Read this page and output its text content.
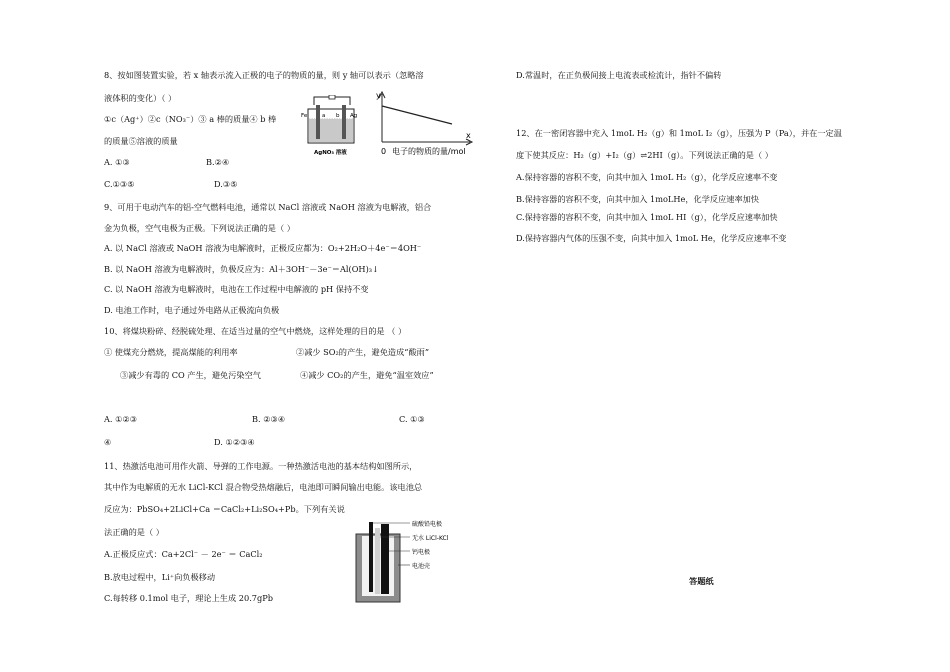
8、按如图装置实验，若 x 轴表示流入正极的电子的物质的量，则 y 轴可以表示（忽略溶
液体积的变化）（ ）
①c（Ag⁺）②c（NO₃⁻）③ a 棒的质量④ b 棒
的质量⑤溶液的质量
A. ①③	B.②④
C.①③⑤	D.③⑤
Fe	a b Ag
AgNO₃ 溶液
y
x
0 电子的物质的量/mol
9、可用于电动汽车的铝-空气燃料电池，通常以 NaCl 溶液或 NaOH 溶液为电解液，铝合
金为负极，空气电极为正极。下列说法正确的是（ ）
A. 以 NaCl 溶液或 NaOH 溶液为电解液时，正极反应都为：O₂+2H₂O＋4e⁻＝4OH⁻
B. 以 NaOH 溶液为电解液时，负极反应为：Al＋3OH⁻－3e⁻＝Al(OH)₃↓
C. 以 NaOH 溶液为电解液时，电池在工作过程中电解液的 pH 保持不变
D. 电池工作时，电子通过外电路从正极流向负极
10、将煤块粉碎、经脱硫处理、在适当过量的空气中燃烧，这样处理的目的是 （ ）
① 使煤充分燃烧，提高煤能的利用率	②减少 SO₂的产生，避免造成“酸雨”
③减少有毒的 CO 产生，避免污染空气	④减少 CO₂的产生，避免“温室效应”
A. ①②③	B. ②③④	C. ①③
④	D. ①②③④
11、热激活电池可用作火箭、导弹的工作电源。一种热激活电池的基本结构如图所示，
其中作为电解质的无水 LiCl-KCl 混合物受热熔融后，电池即可瞬间输出电能。该电池总
反应为：PbSO₄+2LiCl+Ca ＝CaCl₂+Li₂SO₄+Pb。下列有关说
法正确的是（ ）
A.正极反应式：Ca+2Cl⁻ － 2e⁻ ＝ CaCl₂
B.放电过程中，Li⁺向负极移动
C.每转移 0.1mol 电子，理论上生成 20.7gPb
硫酸铅电极
无水 LiCl-KCl
钙电极
电池壳
D.常温时，在正负极间接上电流表或检流计，指针不偏转
12、在一密闭容器中充入 1moL H₂（g）和 1moL I₂（g），压强为 P（Pa），并在一定温
度下使其反应：H₂（g）+I₂（g）⇌2HI（g）。下列说法正确的是（ ）
A.保持容器的容积不变，向其中加入 1moL H₂（g），化学反应速率不变
B.保持容器的容积不变，向其中加入 1moLHe，化学反应速率加快
C.保持容器的容积不变，向其中加入 1moL HI（g），化学反应速率加快
D.保持容器内气体的压强不变，向其中加入 1moL He，化学反应速率不变
答题纸
